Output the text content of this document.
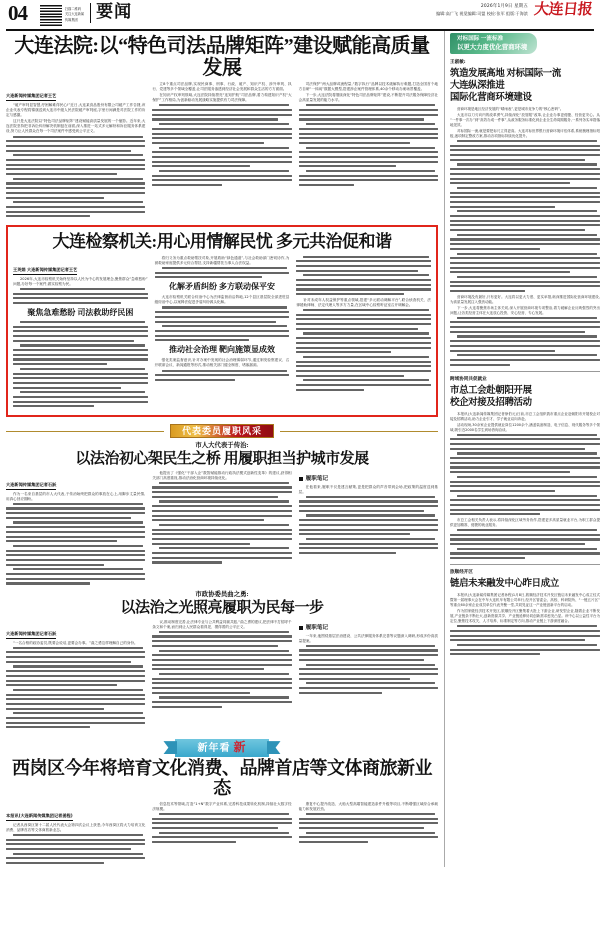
04	扫描二维码
关注大连新闻
传媒集团	要闻	2026年1月9日 星期五
编辑:高广飞 视觉编辑:司盟 校检:张军 组版:于海滨 大连日报
大连法院:以“特色司法品牌矩阵”建设赋能高质量发展
大连新闻传媒集团记者王艺

“破产审判显智慧,纾困解难得民心!”近日,大连某食品股份有限公司破产工作告捷,该企业代表专程将锦旗送到大连市中级人民法院破产审判庭,字里行间满是对法院工作的肯定与感激。

这只是大连法院以“特色司法品牌矩阵”建设赋能高质量发展的一个缩影。近年来,大连法院坚持把非诉讼纠纷解决机制挺在前面,深入推进一站式多元解纷和诉讼服务体系建设,努力让人民群众在每一个司法案件中感受到公平正义。

立8个重点司法品牌,实现民商事、刑事、行政、破产、知识产权、涉外审判、执行、党建等多个领域全覆盖,让司法服务渗透到经济社会发展和群众生活的方方面面。

在知识产权审判领域,大连法院持续擦亮“连知护航”司法品牌,着力构建知识产权“大保护”工作格局,为创新驱动发展战略实施提供有力司法保障。

司法保护”两大品牌或流程量,“数字执行”品牌以技术破解执行难题,打造全国首个地方自研“一体阀”数据大模型,搭建涉企案件管理体系,40余个移动办案场景覆盖。

下一步,大连法院将继续深化“特色司法品牌矩阵”建设,不断提升司法服务保障经济社会高质量发展的能力水平。

大连检察机关:用心用情解民忧 多元共治促和谐
王英娟 大连新闻传媒集团记者王艺

2026年,大连市检察机关始终坚持以人民为中心的发展理念,聚焦群众“急难愁盼”问题,办好每一个案件,做实检察为民。

聚焦急难愁盼 司法救助纾民困

将归义务为重点救助帮扶对象,开展救助“绿色通道”,与社会救助部门密切协作,为被救助家庭提供多元综合帮扶,支持新疆帮扶当事人合法权益。

化解矛盾纠纷 多方联动保平安

大连市检察机关联合综治中心为法律监督前沿阵地,12个县区基层院全部进驻县级综治中心,以案释法促进矛盾纠纷源头化解。

推动社会治理 靶向施策显成效

强化类案监督意识,针对办案中发现的社会治理薄弱环节,通过制发检察建议、召开联席会议、新闻通报等形式,推动相关部门健全制度、堵塞漏洞。

针对未成年人权益保护等重点领域,搭建“多元联动调解平台”,联合侦查机关、法律援助律师、法定代理人等多方力量,在区域中心检察听证室召开调解会。

代表委员履职风采
市人大代表于传治:
以法治初心架民生之桥 用履职担当护城市发展
大连新闻传媒集团记者石跃

作为一名来自基层的市人大代表,于传治始终把群众的事放在心上,用脚步丈量民情,用真心回应期盼。

他提出了《强化“干部入企”数智赋能推动行政执法模式创新性变革》的建议,获得相关部门高度重视,推动法治化营商环境持续优化。	履职笔记

在他看来,履职不仅是建言献策,更是把群众的声音带到会场,把政策的温度送到基层。

市政协委员曲之勇:
以法治之光照亮履职为民每一步
大连新闻传媒集团记者石跃

“一名合格的政协委员,既要会说话,更要会办事。”曲之勇这样理解自己的身份。

议,推动制度完善,让法律专业与公共利益同频共振,“曲之勇的建议,把法律不打招呼千条文和个案,而归到让人民群众看得见、摸得着的公平正义。	履职笔记

一年来,他围绕基层法治建设、公共法律服务体系完善等议题深入调研,形成多份高质量提案。

新年看 新
西岗区今年将培育文化消费、品牌首店等文体商旅新业态
本报讯(大连新闻传媒集团记者姜程)

记者从西岗区第十二届人民代表大会第四次会议上获悉,今年西岗区将大力培育文化消费、品牌首店等文体商旅新业态。

信息技术等领域,打造“1+N”数字产业体系,完善科技成果转化机制,持续壮大数字经济规模。

康复中心提升改造、大船大型高端智能建造条件升级等项目,不断增强区域综合承载能力和发展后劲。

对标国际 一流标准
以更大力度优化营商环境
王淑敏:
筑造发展高地 对标国际一流
大连纵深推进
国际化营商环境建设

营商环境是地区经济发展的“晴雨表”,更是城市竞争力的“核心密码”。

大连市以刀刃向内的改革勇气,持续深化“放管服”改革,让企业办事更便捷、经营更安心。从“一件事一次办”到“高效办成一件事”,从政务服务标准化到企业全生命周期服务,一系列务实举措落地见效。

对标国际一流,就是要把标尺立得更高。大连对标世界银行营商环境评估体系,系统梳理指标短板,逐项制定整改方案,推动各项指标持续优化提升。

营商环境没有最好,只有更好。大连将以更大力度、更实举措,纵深推进国际化营商环境建设,为高质量发展注入强劲动能。

下一步,大连将聚焦市场主体关切,深入开展营商环境专项整治,着力破解企业反映强烈的突出问题,让各类经营主体在大连放心投资、安心经营、专心发展。

跨域协同共促就业
市总工会赴朝阳开展
校企对接及招聘活动

本报讯(大连新闻传媒集团记者徐伯元)日前,市总工会组织我市重点企业赴朝阳市开展校企对接及招聘活动,助力企业引才、学子就业双向奔赴。

活动现场,30余家企业提供就业岗位1200余个,涵盖装备制造、电子信息、现代服务等多个领域,吸引近2000名学生到场咨询洽谈。

市总工会相关负责人表示,将持续深化区域劳务协作,搭建更多高质量就业平台,为职工群众提供更加精准、便捷的就业服务。

旅顺经开区
链启未来融发中心昨日成立

本报讯(大连新闻传媒集团记者孙程)1月8日,旅顺经济技术开发区链启未来融发中心成立仪式暨第一届理事大会在中车大连机车有限公司举行,经开区管委会、高校、科研院所、“一链五片区”等重点60余家企业成员单位代表齐聚一堂,共同见证这一产业链创新平台的启动。

作为国家级经济技术开发区,旅顺经开区聚集着大批上下游企业,研发型企业,随着企业不断发展,产业链条不断壮大,创新资源共享、产业链延伸协同创新需求愈发凸显。该中心以公益性平台为定位,聚焦技术攻关、人才培养、标准制定等方向,推动产业链上下游深度融合。
